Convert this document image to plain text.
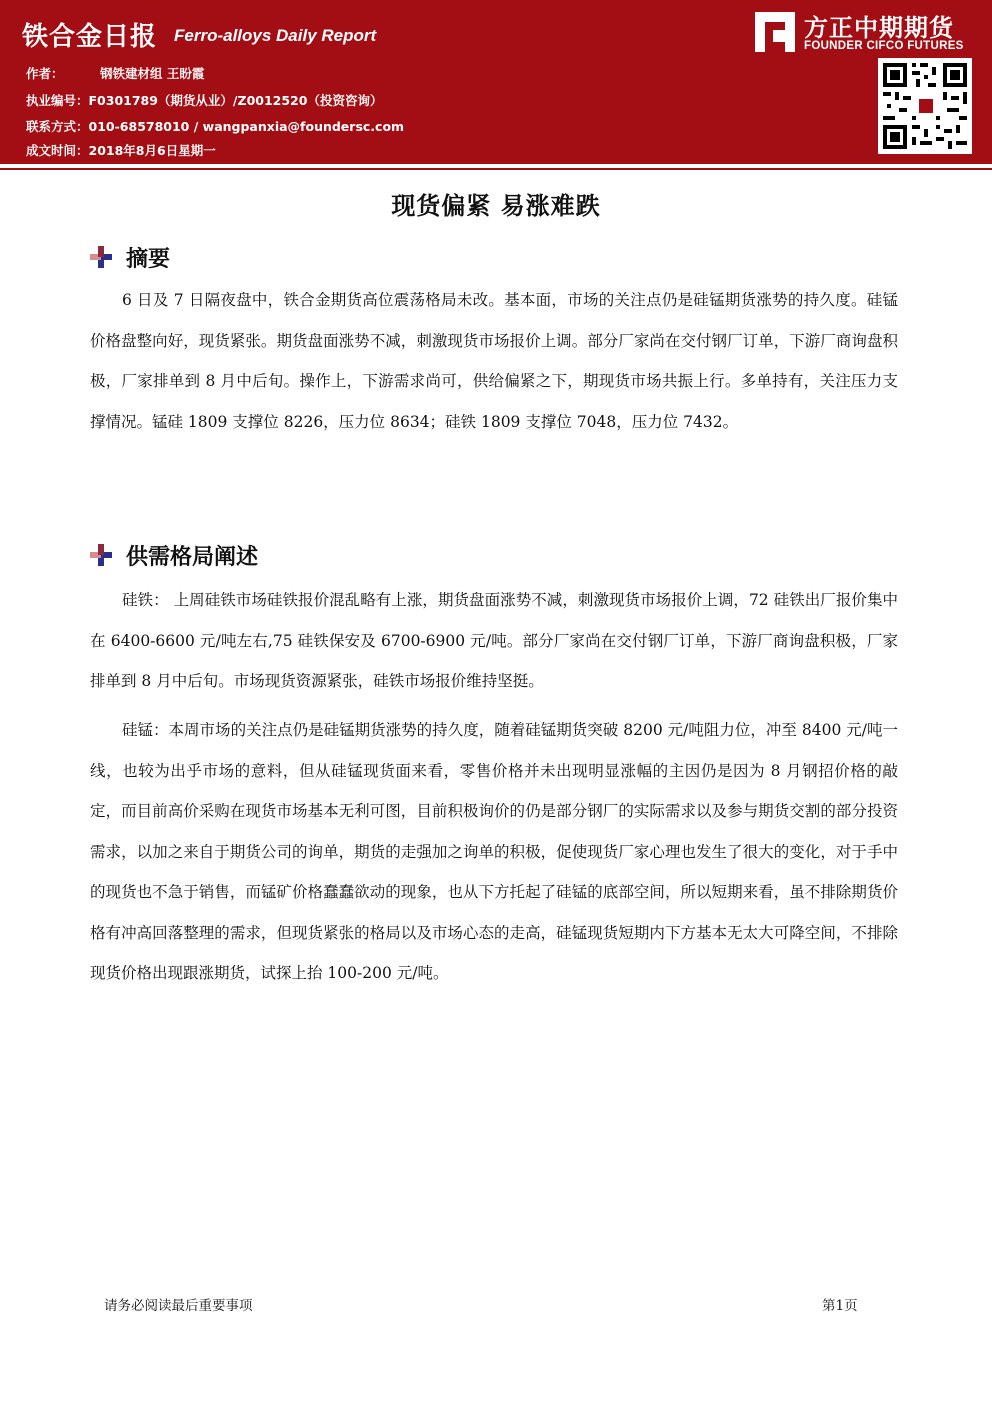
铁合金日报 Ferro-alloys Daily Report
作者：	钢铁建材组 王盼霞
执业编号：F0301789（期货从业）/Z0012520（投资咨询）
联系方式：010-68578010 / wangpanxia@foundersc.com
成文时间：2018年8月6日星期一
方正中期期货
FOUNDER CIFCO FUTURES
现货偏紧 易涨难跌
摘要
6 日及 7 日隔夜盘中，铁合金期货高位震荡格局未改。基本面，市场的关注点仍是硅锰期货涨势的持久度。硅锰价格盘整向好，现货紧张。期货盘面涨势不减，刺激现货市场报价上调。部分厂家尚在交付钢厂订单，下游厂商询盘积极，厂家排单到 8 月中后旬。操作上，下游需求尚可，供给偏紧之下，期现货市场共振上行。多单持有，关注压力支撑情况。锰硅 1809 支撑位 8226，压力位 8634；硅铁 1809 支撑位 7048，压力位 7432。
供需格局阐述
硅铁： 上周硅铁市场硅铁报价混乱略有上涨，期货盘面涨势不减，刺激现货市场报价上调，72 硅铁出厂报价集中在 6400-6600 元/吨左右,75 硅铁保安及 6700-6900 元/吨。部分厂家尚在交付钢厂订单，下游厂商询盘积极，厂家排单到 8 月中后旬。市场现货资源紧张，硅铁市场报价维持坚挺。
硅锰：本周市场的关注点仍是硅锰期货涨势的持久度，随着硅锰期货突破 8200 元/吨阻力位，冲至 8400 元/吨一线，也较为出乎市场的意料，但从硅锰现货面来看，零售价格并未出现明显涨幅的主因仍是因为 8 月钢招价格的敲定，而目前高价采购在现货市场基本无利可图，目前积极询价的仍是部分钢厂的实际需求以及参与期货交割的部分投资需求，以加之来自于期货公司的询单，期货的走强加之询单的积极，促使现货厂家心理也发生了很大的变化，对于手中的现货也不急于销售，而锰矿价格蠢蠢欲动的现象，也从下方托起了硅锰的底部空间，所以短期来看，虽不排除期货价格有冲高回落整理的需求，但现货紧张的格局以及市场心态的走高，硅锰现货短期内下方基本无太大可降空间，不排除现货价格出现跟涨期货，试探上抬 100-200 元/吨。
请务必阅读最后重要事项	第1页
